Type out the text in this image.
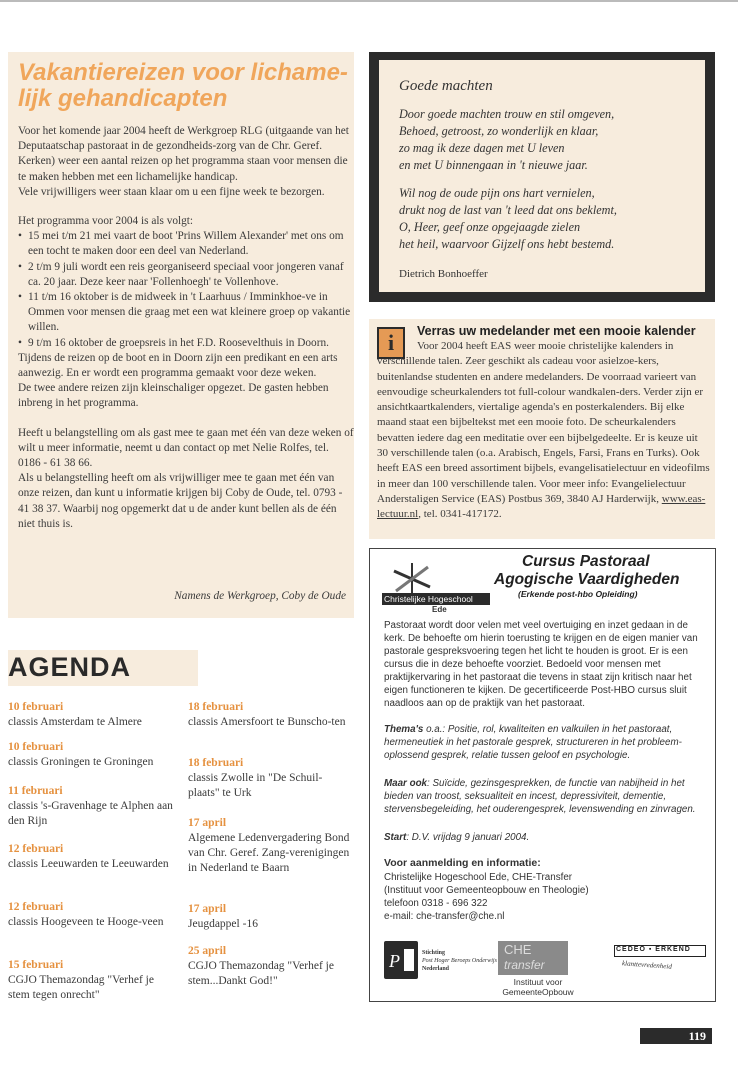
Vakantiereizen voor lichame-lijk gehandicapten

Voor het komende jaar 2004 heeft de Werkgroep RLG (uitgaande van het Deputaatschap pastoraat in de gezondheids-zorg van de Chr. Geref. Kerken) weer een aantal reizen op het programma staan voor mensen die te maken hebben met een lichamelijke handicap.

Vele vrijwilligers weer staan klaar om u een fijne week te bezorgen.

Het programma voor 2004 is als volgt:

• 15 mei t/m 21 mei vaart de boot 'Prins Willem Alexander' met ons om een tocht te maken door een deel van Nederland.
• 2 t/m 9 juli wordt een reis georganiseerd speciaal voor jongeren vanaf ca. 20 jaar. Deze keer naar 'Follenhoegh' te Vollenhove.
• 11 t/m 16 oktober is de midweek in 't Laarhuus / Imminkhoe-ve in Ommen voor mensen die graag met een wat kleinere groep op vakantie willen.
• 9 t/m 16 oktober de groepsreis in het F.D. Roosevelthuis in Doorn.

Tijdens de reizen op de boot en in Doorn zijn een predikant en een arts aanwezig. En er wordt een programma gemaakt voor deze weken.

De twee andere reizen zijn kleinschaliger opgezet. De gasten hebben inbreng in het programma.

Heeft u belangstelling om als gast mee te gaan met één van deze weken of wilt u meer informatie, neemt u dan contact op met Nelie Rolfes, tel. 0186 - 61 38 66.

Als u belangstelling heeft om als vrijwilliger mee te gaan met één van onze reizen, dan kunt u informatie krijgen bij Coby de Oude, tel. 0793 - 41 38 37. Waarbij nog opgemerkt dat u de ander kunt bellen als de één niet thuis is.

Namens de Werkgroep, Coby de Oude
AGENDA
10 februari
classis Amsterdam te Almere
10 februari
classis Groningen te Groningen
11 februari
classis 's-Gravenhage te Alphen aan den Rijn
12 februari
classis Leeuwarden te Leeuwarden
12 februari
classis Hoogeveen te Hooge-veen
15 februari
CGJO Themazondag "Verhef je stem tegen onrecht"
18 februari
classis Amersfoort te Bunscho-ten
18 februari
classis Zwolle in "De Schuil-plaats" te Urk
17 april
Algemene Ledenvergadering Bond van Chr. Geref. Zang-verenigingen in Nederland te Baarn
17 april
Jeugdappel -16
25 april
CGJO Themazondag "Verhef je stem...Dankt God!"
Goede machten

Door goede machten trouw en stil omgeven,
Behoed, getroost, zo wonderlijk en klaar,
zo mag ik deze dagen met U leven
en met U binnengaan in 't nieuwe jaar.

Wil nog de oude pijn ons hart vernielen,
drukt nog de last van 't leed dat ons beklemt,
O, Heer, geef onze opgejaagde zielen
het heil, waarvoor Gijzelf ons hebt bestemd.

Dietrich Bonhoeffer
i	Verras uw medelander met een mooie kalender
Voor 2004 heeft EAS weer mooie christelijke kalenders in verschillende talen. Zeer geschikt als cadeau voor asielzoe-kers, buitenlandse studenten en andere medelanders. De voorraad varieert van eenvoudige scheurkalenders tot full-colour wandkalen-ders. Verder zijn er ansichtkaartkalenders, viertalige agenda's en posterkalenders. Bij elke maand staat een bijbeltekst met een mooie foto. De scheurkalenders bevatten iedere dag een meditatie over een bijbelgedeelte. Er is keuze uit 30 verschillende talen (o.a. Arabisch, Engels, Farsi, Frans en Turks). Ook heeft EAS een breed assortiment bijbels, evangelisatielectuur en videofilms in meer dan 100 verschillende talen. Voor meer info: Evangelielectuur Anderstaligen Service (EAS) Postbus 369, 3840 AJ Harderwijk, www.eas-lectuur.nl, tel. 0341-417172.
Christelijke Hogeschool
Ede
Cursus Pastoraal
Agogische Vaardigheden
(Erkende post-hbo Opleiding)
Pastoraat wordt door velen met veel overtuiging en inzet gedaan in de kerk. De behoefte om hierin toerusting te krijgen en de eigen manier van pastorale gespreksvoering tegen het licht te houden is groot. Er is een cursus die in deze behoefte voorziet. Bedoeld voor mensen met praktijkervaring in het pastoraat die tevens in staat zijn kritisch naar het eigen functioneren te kijken. De gecertificeerde Post-HBO cursus sluit naadloos aan op de praktijk van het pastoraat.
Thema's o.a.: Positie, rol, kwaliteiten en valkuilen in het pastoraat, hermeneutiek in het pastorale gesprek, structureren in het probleem-oplossend gesprek, relatie tussen geloof en psychologie.
Maar ook: Suïcide, gezinsgesprekken, de functie van nabijheid in het bieden van troost, seksualiteit en incest, depressiviteit, dementie, stervensbegeleiding, het ouderengesprek, levenswending en zinvragen.
Start: D.V. vrijdag 9 januari 2004.
Voor aanmelding en informatie:
Christelijke Hogeschool Ede, CHE-Transfer
(Instituut voor Gemeenteopbouw en Theologie)
telefoon 0318 - 696 322
e-mail: che-transfer@che.nl
P	Stichting
Post Hoger Beroeps Onderwijs
Nederland
CHE
transfer
Instituut voor
GemeenteOpbouw
CEDEO ▪ ERKEND
klanttevredenheid
119
